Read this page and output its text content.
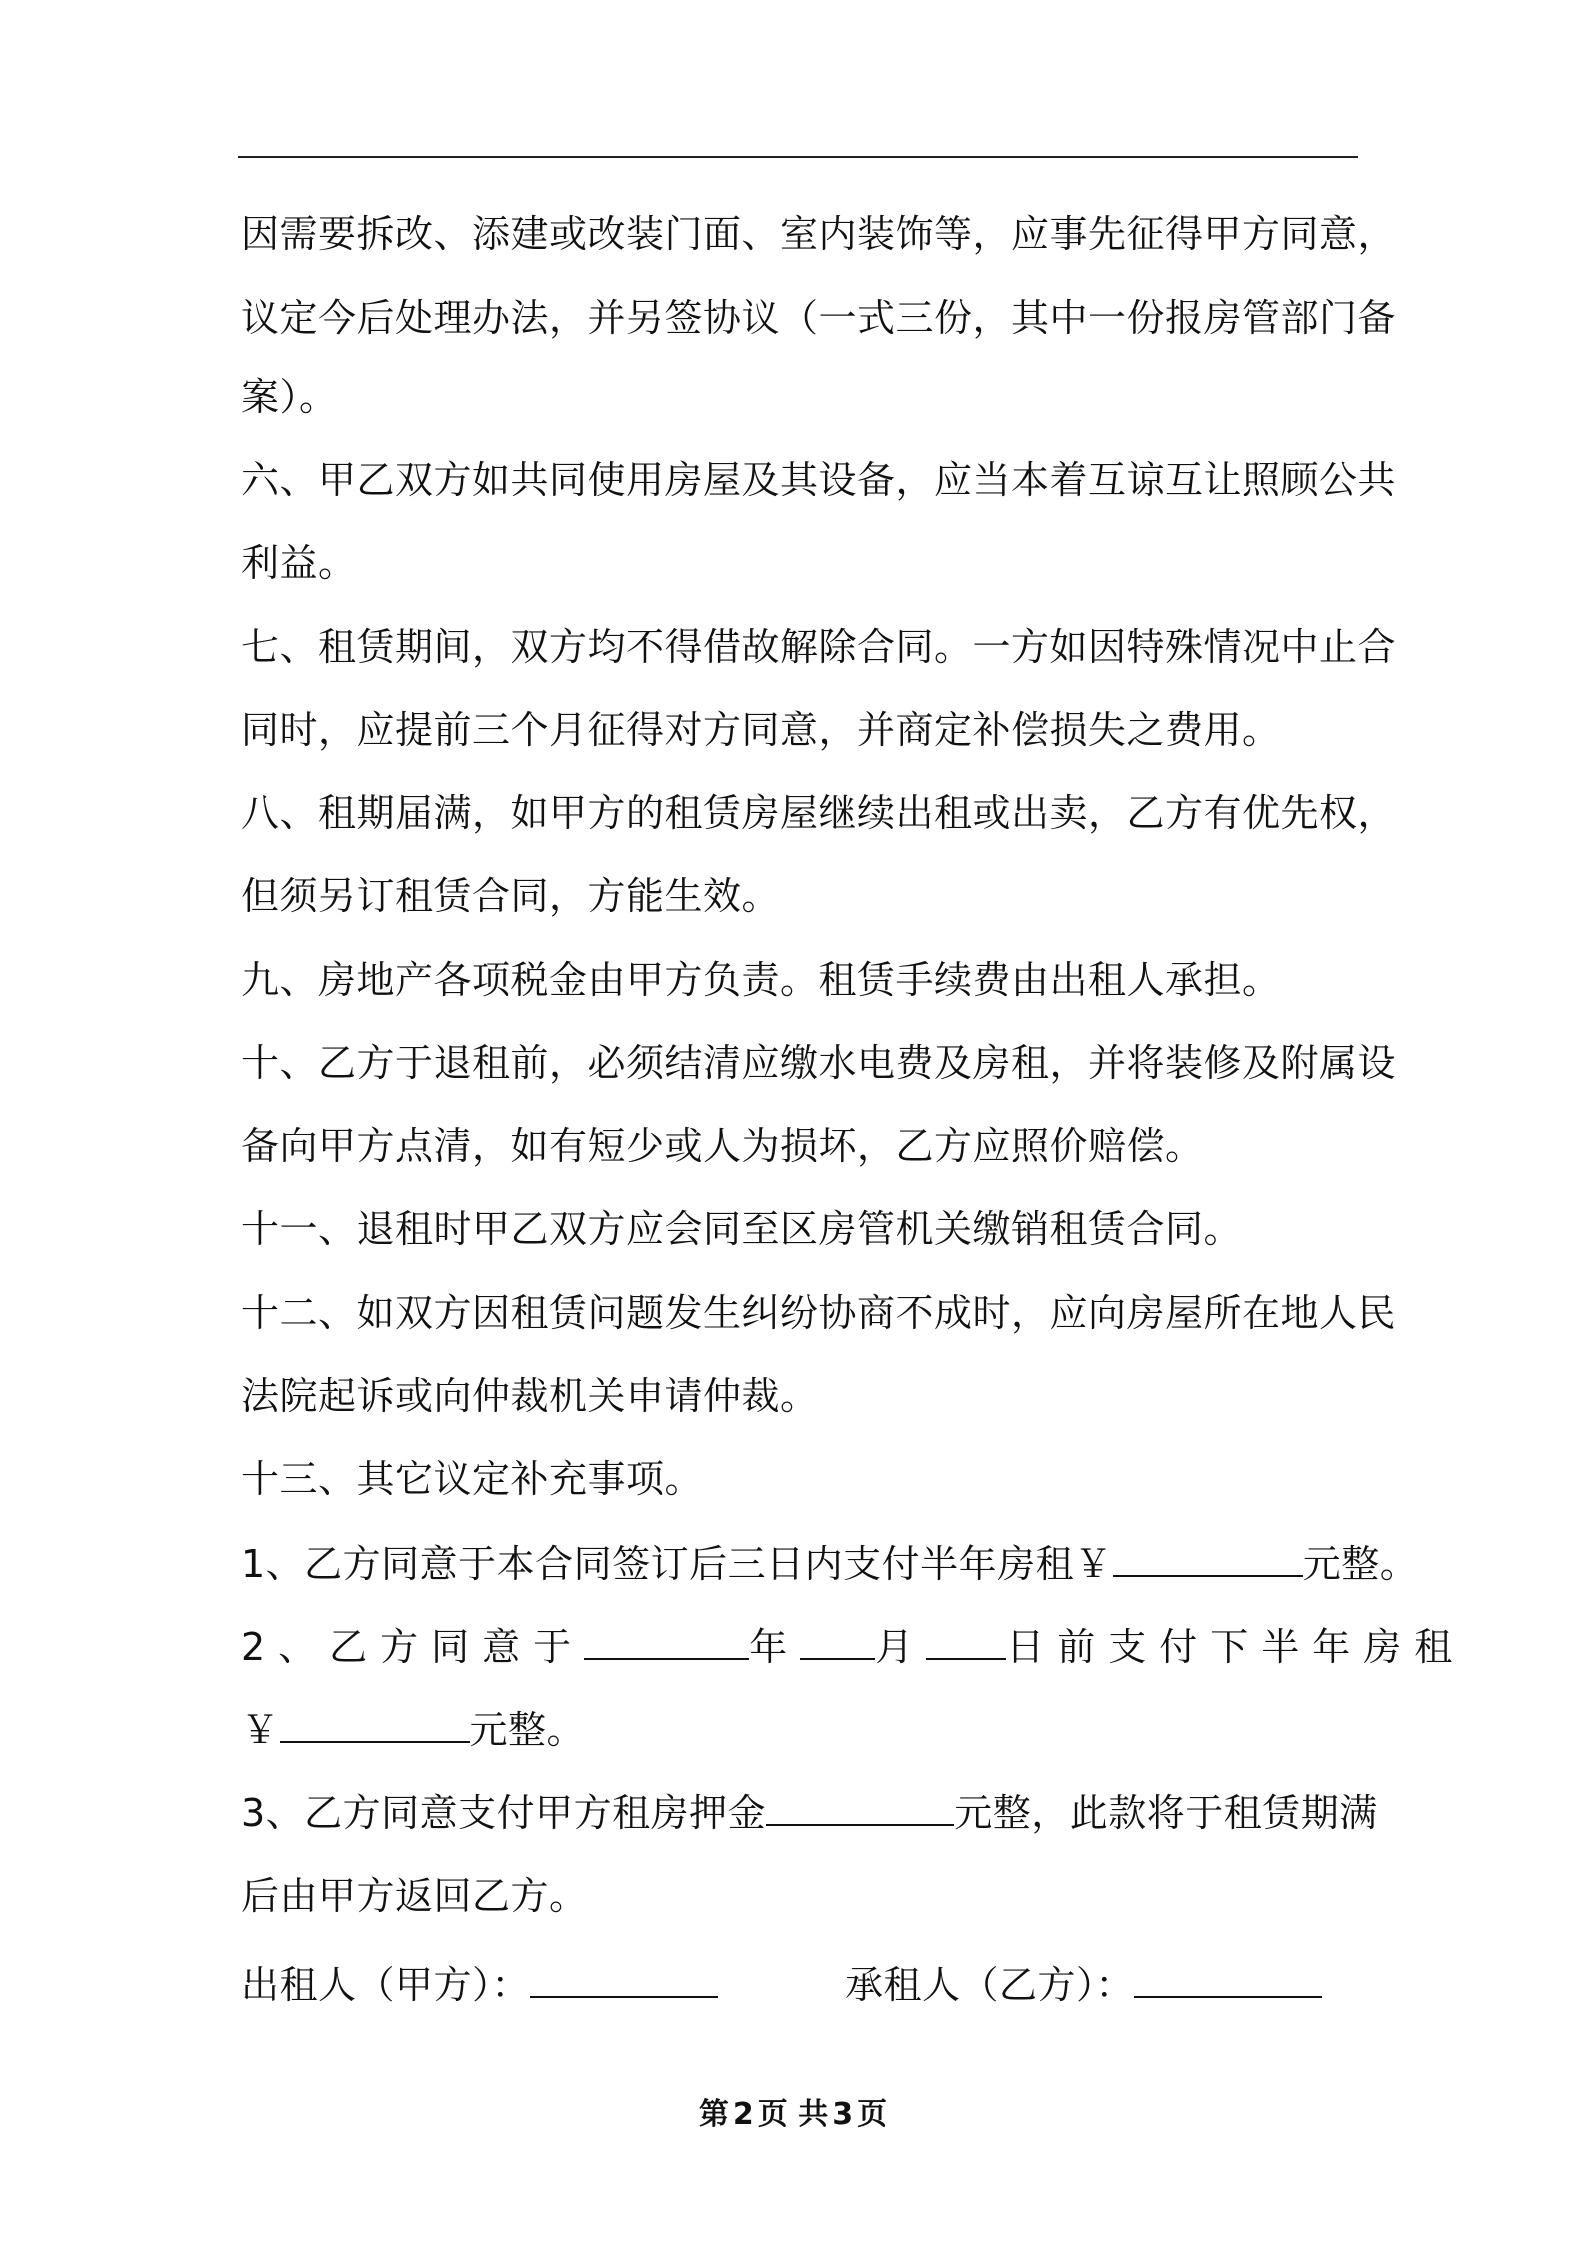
因需要拆改、添建或改装门面、室内装饰等，应事先征得甲方同意，
议定今后处理办法，并另签协议（一式三份，其中一份报房管部门备
案）。
六、甲乙双方如共同使用房屋及其设备，应当本着互谅互让照顾公共
利益。
七、租赁期间，双方均不得借故解除合同。一方如因特殊情况中止合
同时，应提前三个月征得对方同意，并商定补偿损失之费用。
八、租期届满，如甲方的租赁房屋继续出租或出卖，乙方有优先权，
但须另订租赁合同，方能生效。
九、房地产各项税金由甲方负责。租赁手续费由出租人承担。
十、乙方于退租前，必须结清应缴水电费及房租，并将装修及附属设
备向甲方点清，如有短少或人为损坏，乙方应照价赔偿。
十一、退租时甲乙双方应会同至区房管机关缴销租赁合同。
十二、如双方因租赁问题发生纠纷协商不成时，应向房屋所在地人民
法院起诉或向仲裁机关申请仲裁。
十三、其它议定补充事项。
1、乙方同意于本合同签订后三日内支付半年房租￥	元整。
2、乙方同意于	年 月 日前支付下半年房租
￥	元整。
3、乙方同意支付甲方租房押金	元整，此款将于租赁期满
后由甲方返回乙方。
出租人（甲方）：	承租人（乙方）：
第 2 页 共 3 页
